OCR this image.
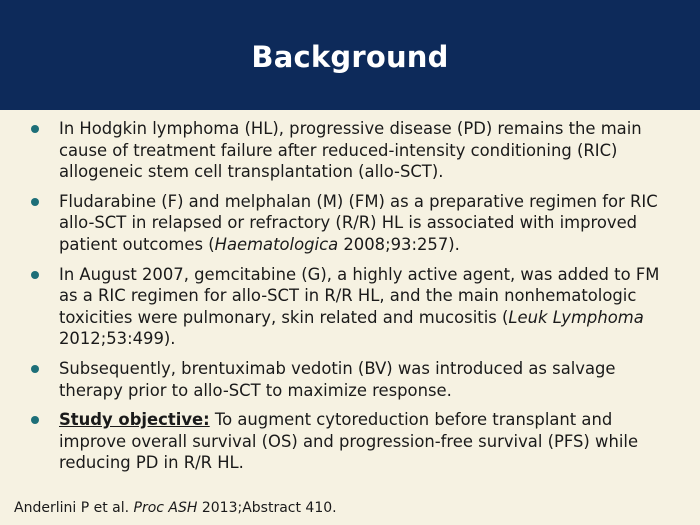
Background
In Hodgkin lymphoma (HL), progressive disease (PD) remains the main cause of treatment failure after reduced-intensity conditioning (RIC) allogeneic stem cell transplantation (allo-SCT).
Fludarabine (F) and melphalan (M) (FM) as a preparative regimen for RIC allo-SCT in relapsed or refractory (R/R) HL is associated with improved patient outcomes (Haematologica 2008;93:257).
In August 2007, gemcitabine (G), a highly active agent, was added to FM as a RIC regimen for allo-SCT in R/R HL, and the main nonhematologic toxicities were pulmonary, skin related and mucositis (Leuk Lymphoma 2012;53:499).
Subsequently, brentuximab vedotin (BV) was introduced as salvage therapy prior to allo-SCT to maximize response.
Study objective: To augment cytoreduction before transplant and improve overall survival (OS) and progression-free survival (PFS) while reducing PD in R/R HL.
Anderlini P et al. Proc ASH 2013;Abstract 410.
